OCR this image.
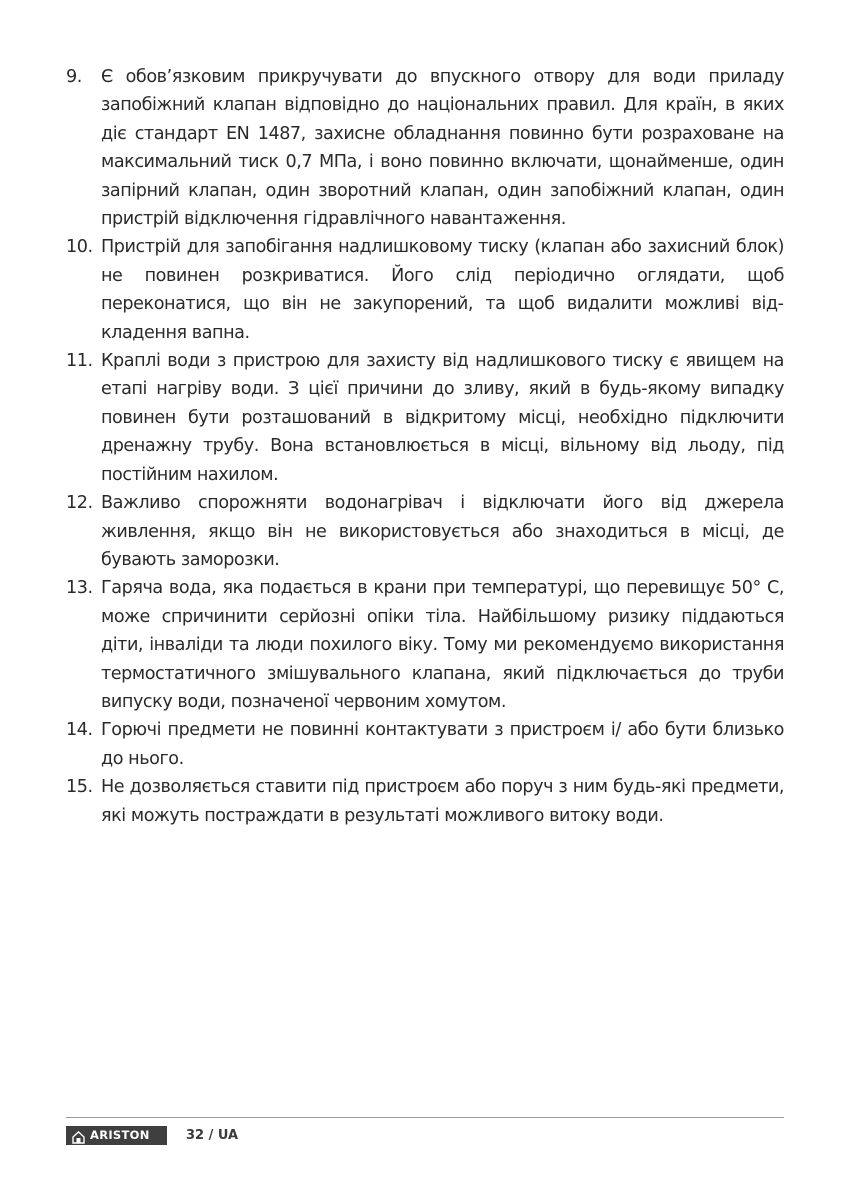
9.	Є обов’язковим прикручувати до впускного отвору для води приладу запобіжний клапан відповідно до національних правил. Для країн, в яких діє стандарт EN 1487, захисне обладнання повинно бути розраховане на максимальний тиск 0,7 МПа, і воно повинно включати, щонайменше, один запірний клапан, один зворотний клапан, один запобіжний клапан, один пристрій відключення гідравлічного навантаження.
10. Пристрій для запобігання надлишковому тиску (клапан або захисний блок) не повинен розкриватися. Його слід періодично оглядати, щоб переконатися, що він не закупорений, та щоб видалити можливі відкладення вапна.
11. Краплі води з пристрою для захисту від надлишкового тиску є явищем на етапі нагріву води. З цієї причини до зливу, який в будь-якому випадку повинен бути розташований в відкритому місці, необхідно підключити дренажну трубу. Вона встановлюється в місці, вільному від льоду, під постійним нахилом.
12. Важливо спорожняти водонагрівач і відключати його від джерела живлення, якщо він не використовується або знаходиться в місці, де бувають заморозки.
13. Гаряча вода, яка подається в крани при температурі, що перевищує 50° С, може спричинити серйозні опіки тіла. Найбільшому ризику піддаються діти, інваліди та люди похилого віку. Тому ми рекомендуємо використання термостатичного змішувального клапана, який підключається до труби випуску води, позначеної червоним хомутом.
14. Горючі предмети не повинні контактувати з пристроєм і/ або бути близько до нього.
15. Не дозволяється ставити під пристроєм або поруч з ним будь-які предмети, які можуть постраждати в результаті можливого витоку води.
ARISTON	32 / UA
